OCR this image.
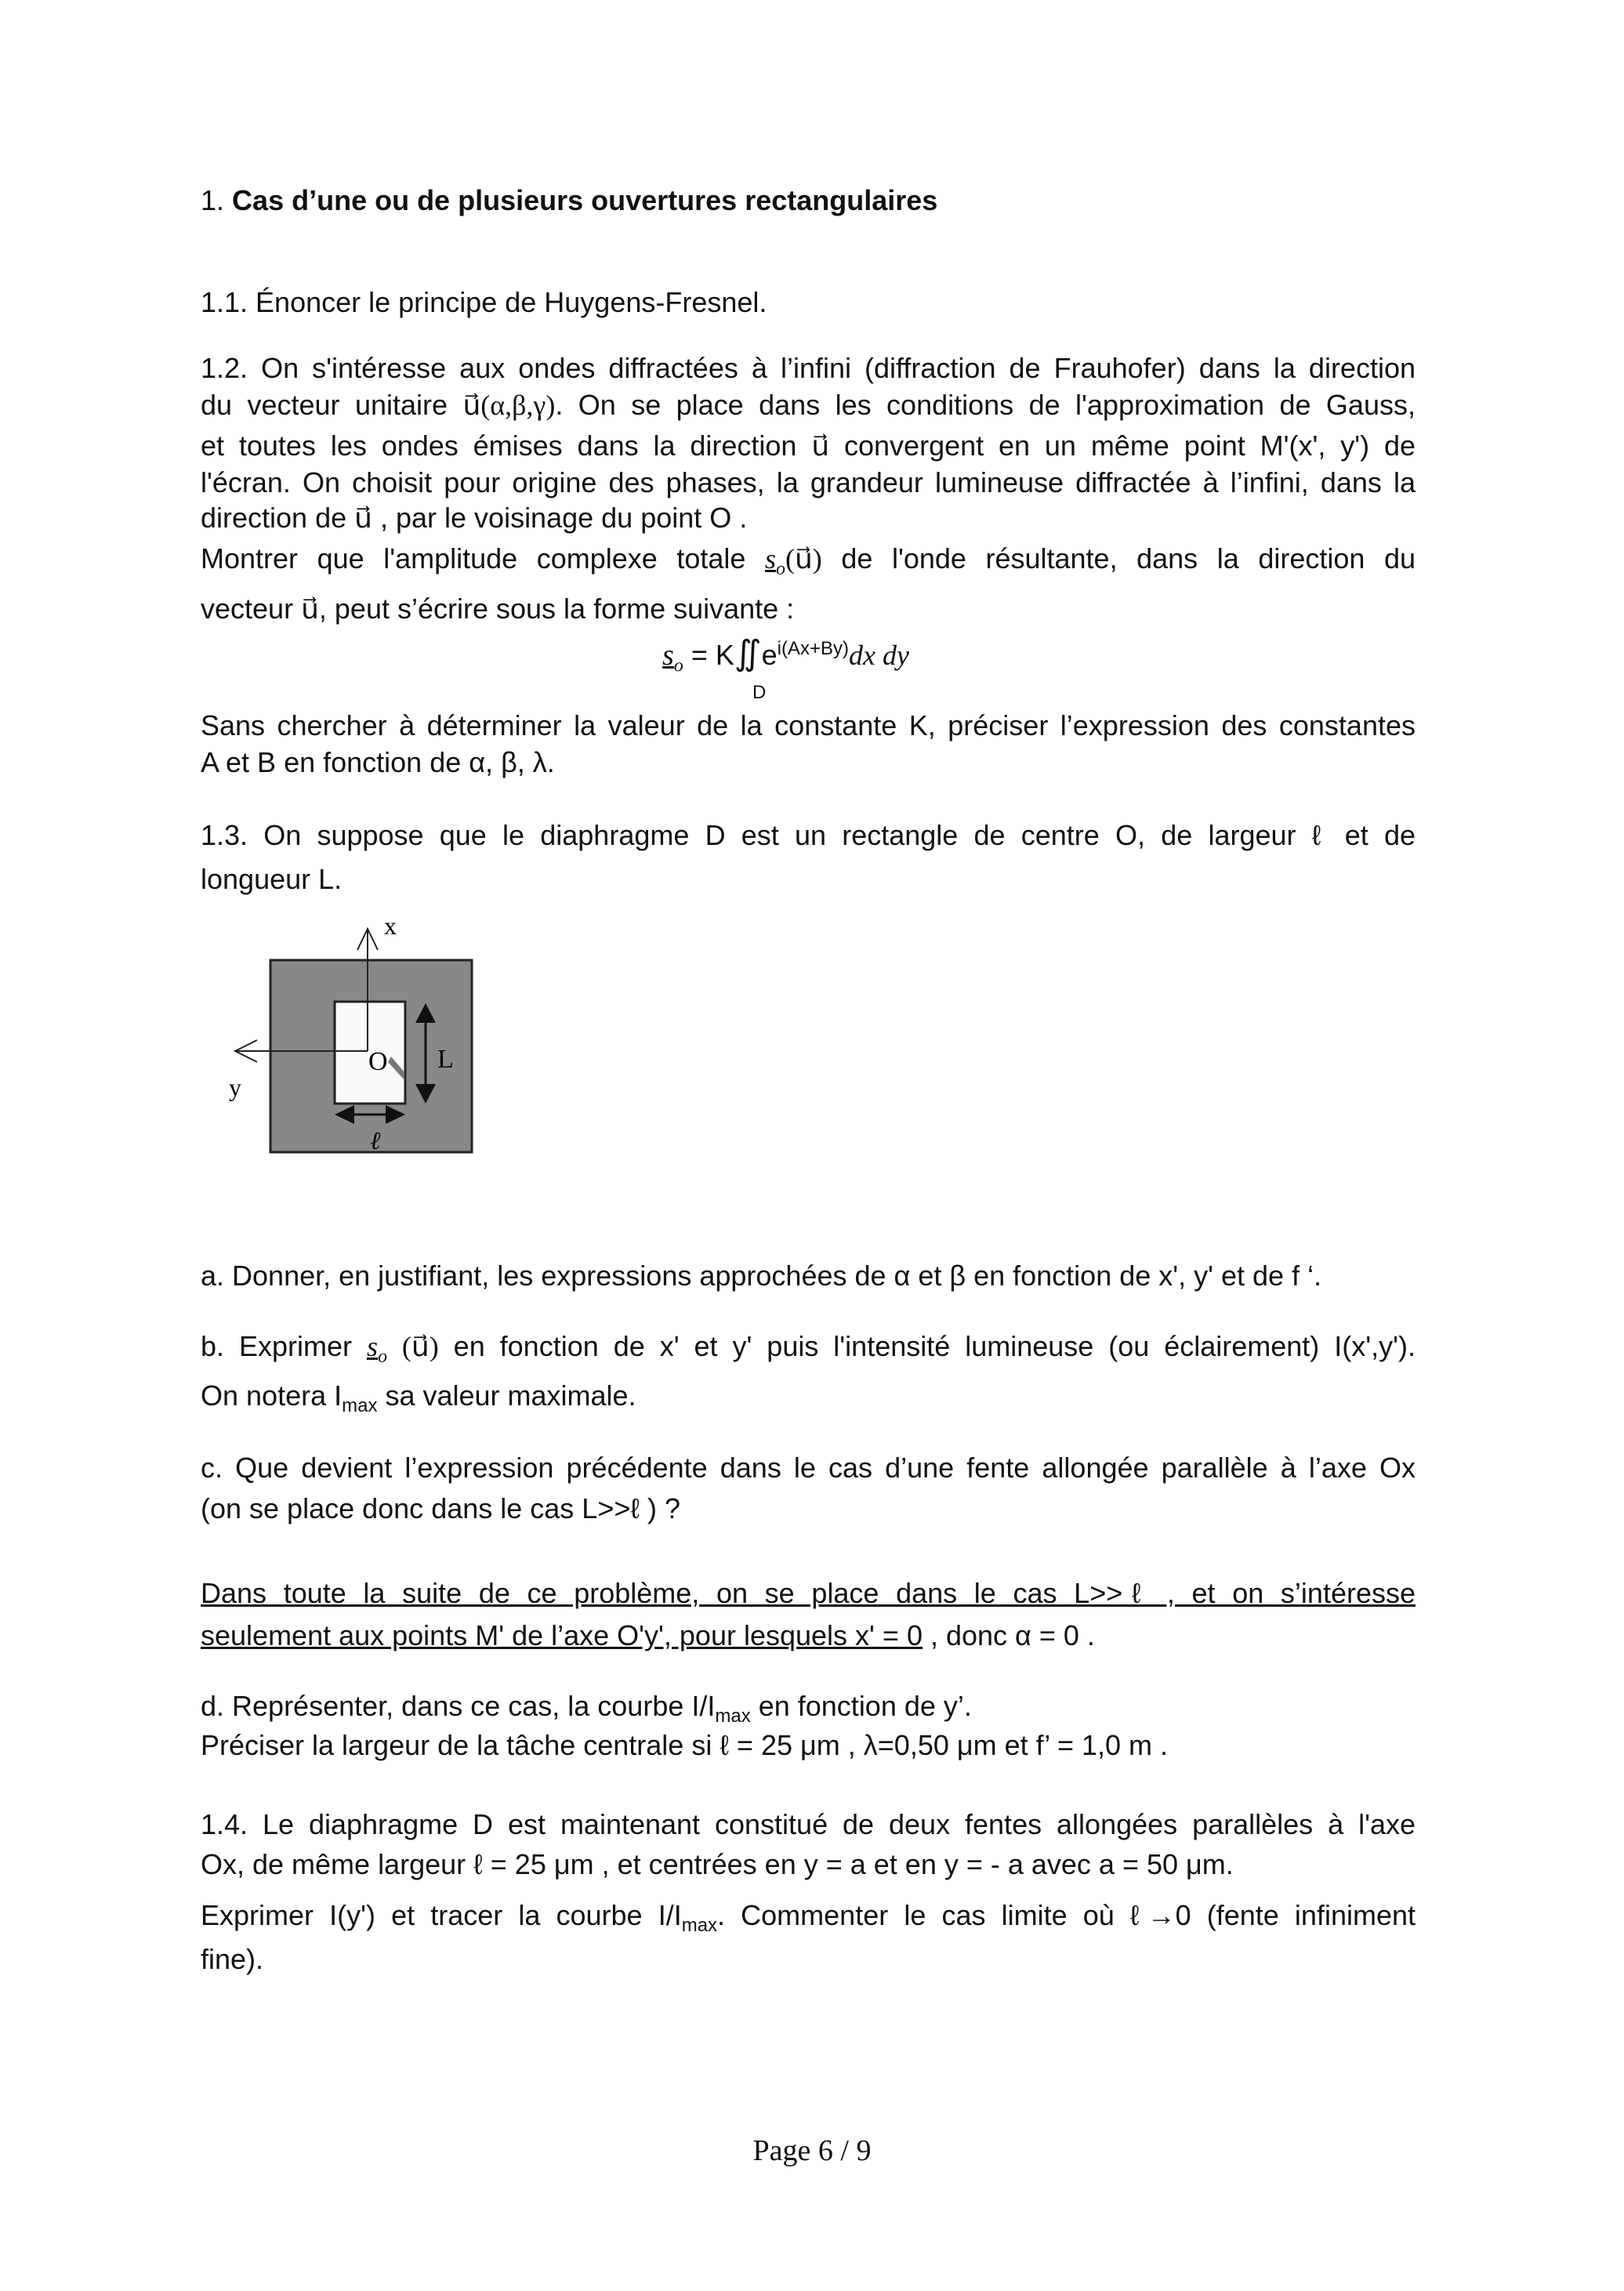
1. Cas d’une ou de plusieurs ouvertures rectangulaires
1.1. Énoncer le principe de Huygens-Fresnel.
1.2. On s'intéresse aux ondes diffractées à l’infini (diffraction de Frauhofer) dans la direction
du vecteur unitaire u⃗(α,β,γ). On se place dans les conditions de l'approximation de Gauss,
et toutes les ondes émises dans la direction u⃗ convergent en un même point M'(x', y') de
l'écran. On choisit pour origine des phases, la grandeur lumineuse diffractée à l’infini, dans la
direction de u⃗ , par le voisinage du point O .
Montrer que l'amplitude complexe totale $s_o(u⃗)$ de l'onde résultante, dans la direction du
vecteur u⃗, peut s’écrire sous la forme suivante :
$s_o$ = $K∬e^{i(Ax+By)}dx$ dy
D
Sans chercher à déterminer la valeur de la constante K, préciser l’expression des constantes
A et B en fonction de α, β, λ.
1.3. On suppose que le diaphragme D est un rectangle de centre O, de largeur ℓ et de
longueur L.
x
y
O L
ℓ
a. Donner, en justifiant, les expressions approchées de α et β en fonction de x', y' et de f ‘.
b. Exprimer $s_o$ (u⃗) en fonction de x' et y' puis l'intensité lumineuse (ou éclairement) I(x',y').
On notera $I_{max}$ sa valeur maximale.
c. Que devient l’expression précédente dans le cas d’une fente allongée parallèle à l’axe Ox
(on se place donc dans le cas L>>ℓ ) ?
Dans toute la suite de ce problème, on se place dans le cas L>>ℓ , et on s’intéresse
seulement aux points M' de l’axe O'y', pour lesquels x' = 0 , donc α = 0 .
d. Représenter, dans ce cas, la courbe $I/I_{max}$ en fonction de y’.
Préciser la largeur de la tâche centrale si ℓ = 25 μm , λ=0,50 μm et f’ = 1,0 m .
1.4. Le diaphragme D est maintenant constitué de deux fentes allongées parallèles à l'axe
Ox, de même largeur ℓ = 25 μm , et centrées en y = a et en y = - a avec a = 50 μm.
Exprimer I(y') et tracer la courbe $I/I_{max}$. Commenter le cas limite où ℓ→0 (fente infiniment
fine).
Page 6 / 9
